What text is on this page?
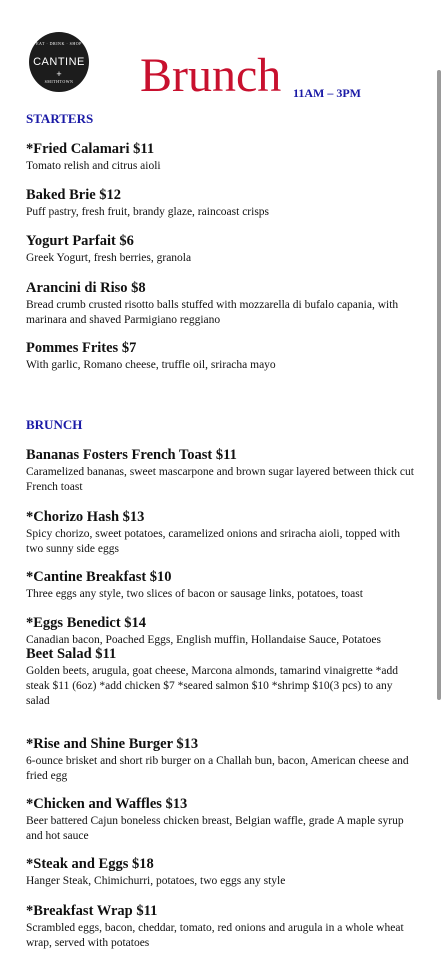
EAT · DRINK · SHOP
CANTINE
+
SMITHTOWN	Brunch 11AM – 3PM
STARTERS
*Fried Calamari $11
Tomato relish and citrus aioli
Baked Brie $12
Puff pastry, fresh fruit, brandy glaze, raincoast crisps
Yogurt Parfait $6
Greek Yogurt, fresh berries, granola
Arancini di Riso $8
Bread crumb crusted risotto balls stuffed with mozzarella di bufalo capania, with marinara and shaved Parmigiano reggiano
Pommes Frites $7
With garlic, Romano cheese, truffle oil, sriracha mayo
BRUNCH
Bananas Fosters French Toast $11
Caramelized bananas, sweet mascarpone and brown sugar layered between thick cut French toast
*Chorizo Hash $13
Spicy chorizo, sweet potatoes, caramelized onions and sriracha aioli, topped with two sunny side eggs
*Cantine Breakfast $10
Three eggs any style, two slices of bacon or sausage links, potatoes, toast
*Eggs Benedict $14
Canadian bacon, Poached Eggs, English muffin, Hollandaise Sauce, Potatoes
Beet Salad $11
Golden beets, arugula, goat cheese, Marcona almonds, tamarind vinaigrette *add steak $11 (6oz) *add chicken $7 *seared salmon $10 *shrimp $10(3 pcs) to any salad
*Rise and Shine Burger $13
6-ounce brisket and short rib burger on a Challah bun, bacon, American cheese and fried egg
*Chicken and Waffles $13
Beer battered Cajun boneless chicken breast, Belgian waffle, grade A maple syrup and hot sauce
*Steak and Eggs $18
Hanger Steak, Chimichurri, potatoes, two eggs any style
*Breakfast Wrap $11
Scrambled eggs, bacon, cheddar, tomato, red onions and arugula in a whole wheat wrap, served with potatoes
